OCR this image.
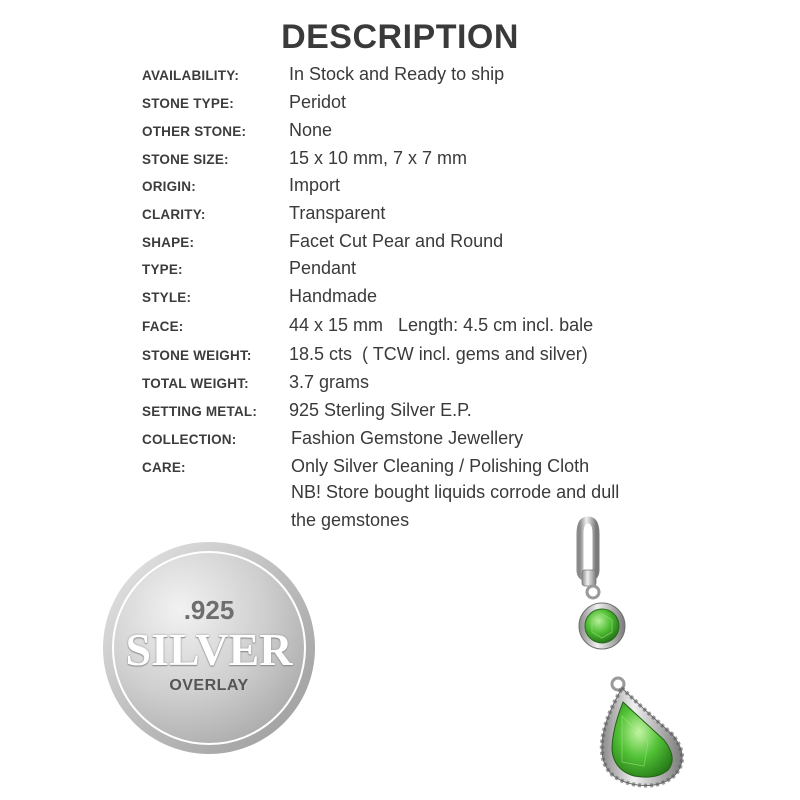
DESCRIPTION
AVAILABILITY:	In Stock and Ready to ship
STONE TYPE:	Peridot
OTHER STONE: None
STONE SIZE:	15 x 10 mm, 7 x 7 mm
ORIGIN:	Import
CLARITY:	Transparent
SHAPE:	Facet Cut Pear and Round
TYPE:	Pendant
STYLE:	Handmade
FACE:	44 x 15 mm   Length: 4.5 cm incl. bale
STONE WEIGHT: 18.5 cts  ( TCW incl. gems and silver)
TOTAL WEIGHT: 3.7 grams
SETTING METAL: 925 Sterling Silver E.P.
COLLECTION:	Fashion Gemstone Jewellery
CARE:	Only Silver Cleaning / Polishing Cloth
NB! Store bought liquids corrode and dull
the gemstones
.925
SILVER
OVERLAY
